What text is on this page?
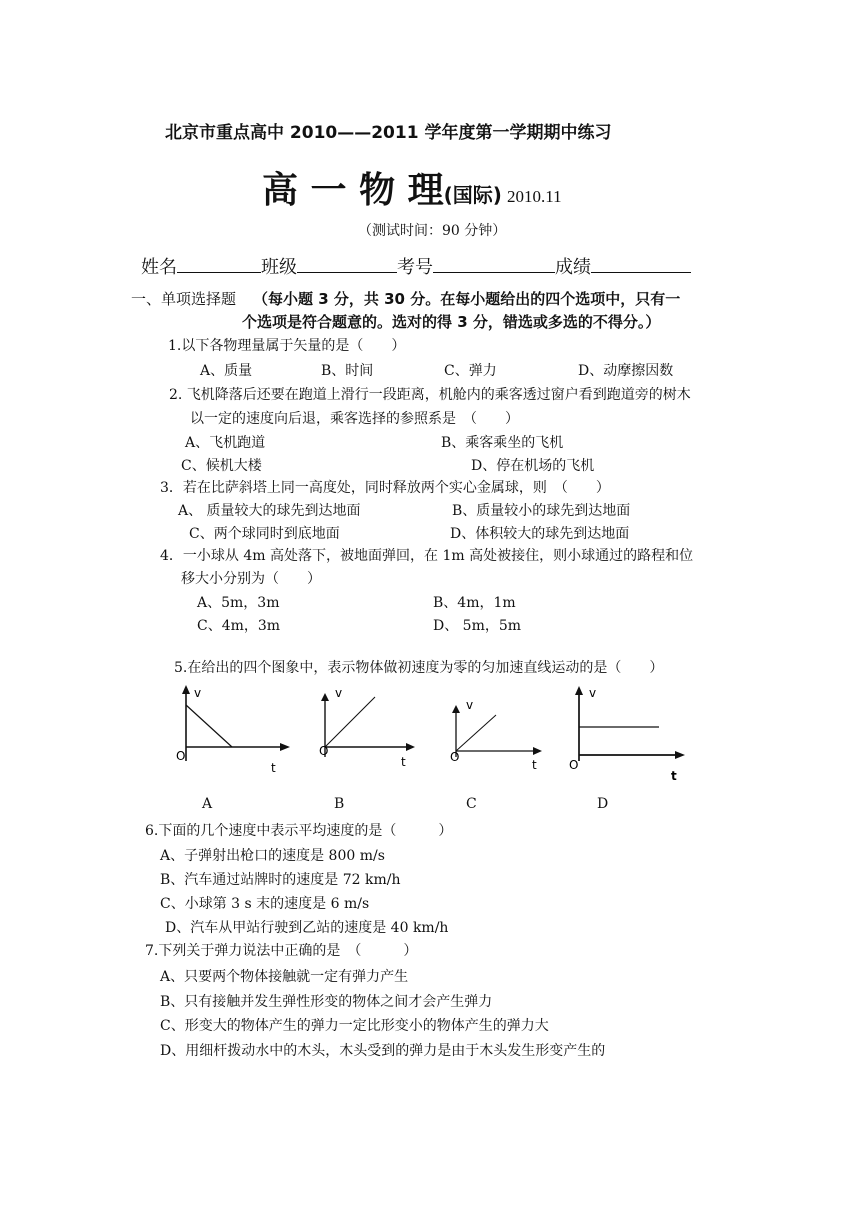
北京市重点高中 2010——2011 学年度第一学期期中练习
高 一 物 理(国际) 2010.11
（测试时间：90 分钟）
姓名	班级	考号	成绩
一、单项选择题 （每小题 3 分，共 30 分。在每小题给出的四个选项中，只有一
个选项是符合题意的。选对的得 3 分，错选或多选的不得分。）
1.以下各物理量属于矢量的是（　　）
A、质量	B、时间	C、弹力	D、动摩擦因数
2. 飞机降落后还要在跑道上滑行一段距离，机舱内的乘客透过窗户看到跑道旁的树木
以一定的速度向后退，乘客选择的参照系是　（　　）
A、飞机跑道	B、乘客乘坐的飞机
C、候机大楼	D、停在机场的飞机
3．若在比萨斜塔上同一高度处，同时释放两个实心金属球，则　（　　）
A、 质量较大的球先到达地面	B、质量较小的球先到达地面
C、两个球同时到底地面	D、体积较大的球先到达地面
4．一小球从 4m 高处落下，被地面弹回，在 1m 高处被接住，则小球通过的路程和位
移大小分别为（　　）
A、5m，3m	B、4m，1m
C、4m，3m	D、 5m，5m
5.在给出的四个图象中，表示物体做初速度为零的匀加速直线运动的是（　　）
v
O
t
v
O
t
v
O
t
v
O
t
A	B	C	D
6.下面的几个速度中表示平均速度的是（　　　）
A、子弹射出枪口的速度是 800 m/s
B、汽车通过站牌时的速度是 72 km/h
C、小球第 3 s 末的速度是 6 m/s
D、汽车从甲站行驶到乙站的速度是 40 km/h
7.下列关于弹力说法中正确的是　（　　　）
A、只要两个物体接触就一定有弹力产生
B、只有接触并发生弹性形变的物体之间才会产生弹力
C、形变大的物体产生的弹力一定比形变小的物体产生的弹力大
D、用细杆拨动水中的木头，木头受到的弹力是由于木头发生形变产生的
